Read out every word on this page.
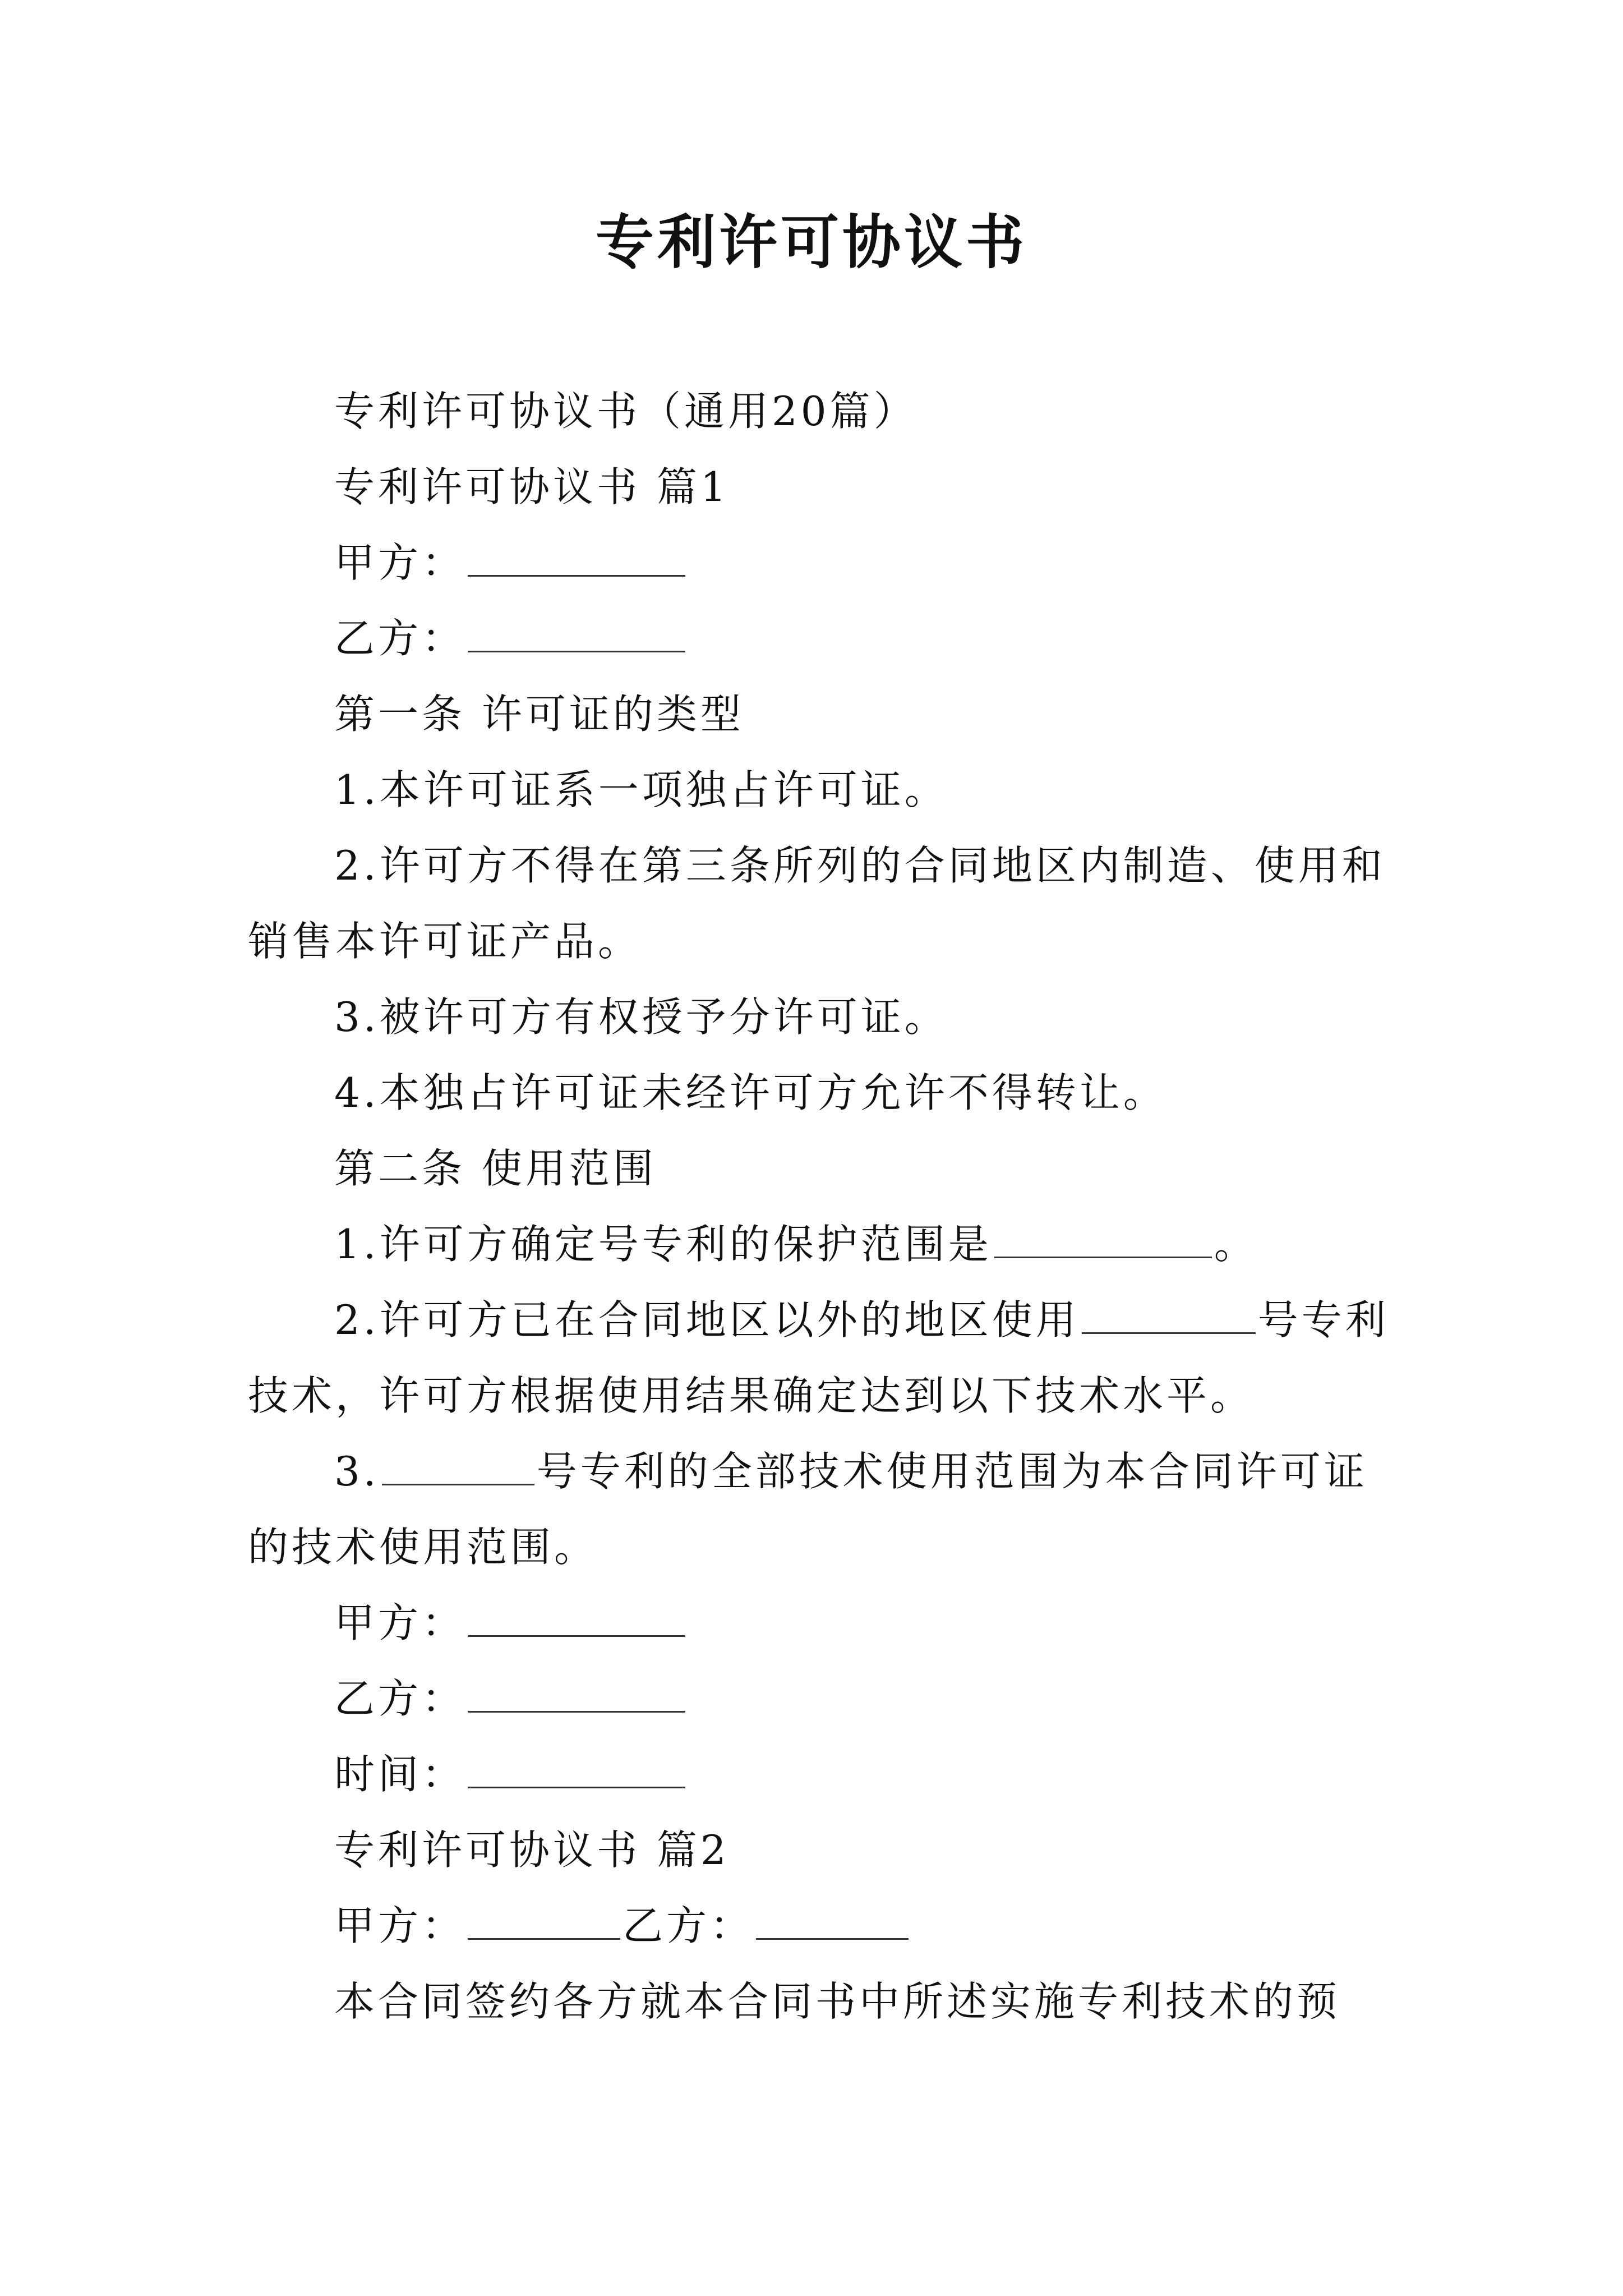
专利许可协议书
专利许可协议书（通用20篇）
专利许可协议书 篇1
甲方：
乙方：
第一条 许可证的类型
1.本许可证系一项独占许可证。
2.许可方不得在第三条所列的合同地区内制造、使用和
销售本许可证产品。
3.被许可方有权授予分许可证。
4.本独占许可证未经许可方允许不得转让。
第二条 使用范围
1.许可方确定号专利的保护范围是	。
2.许可方已在合同地区以外的地区使用	号专利
技术，许可方根据使用结果确定达到以下技术水平。
3.	号专利的全部技术使用范围为本合同许可证
的技术使用范围。
甲方：
乙方：
时间：
专利许可协议书 篇2
甲方：	乙方：
本合同签约各方就本合同书中所述实施专利技术的预
